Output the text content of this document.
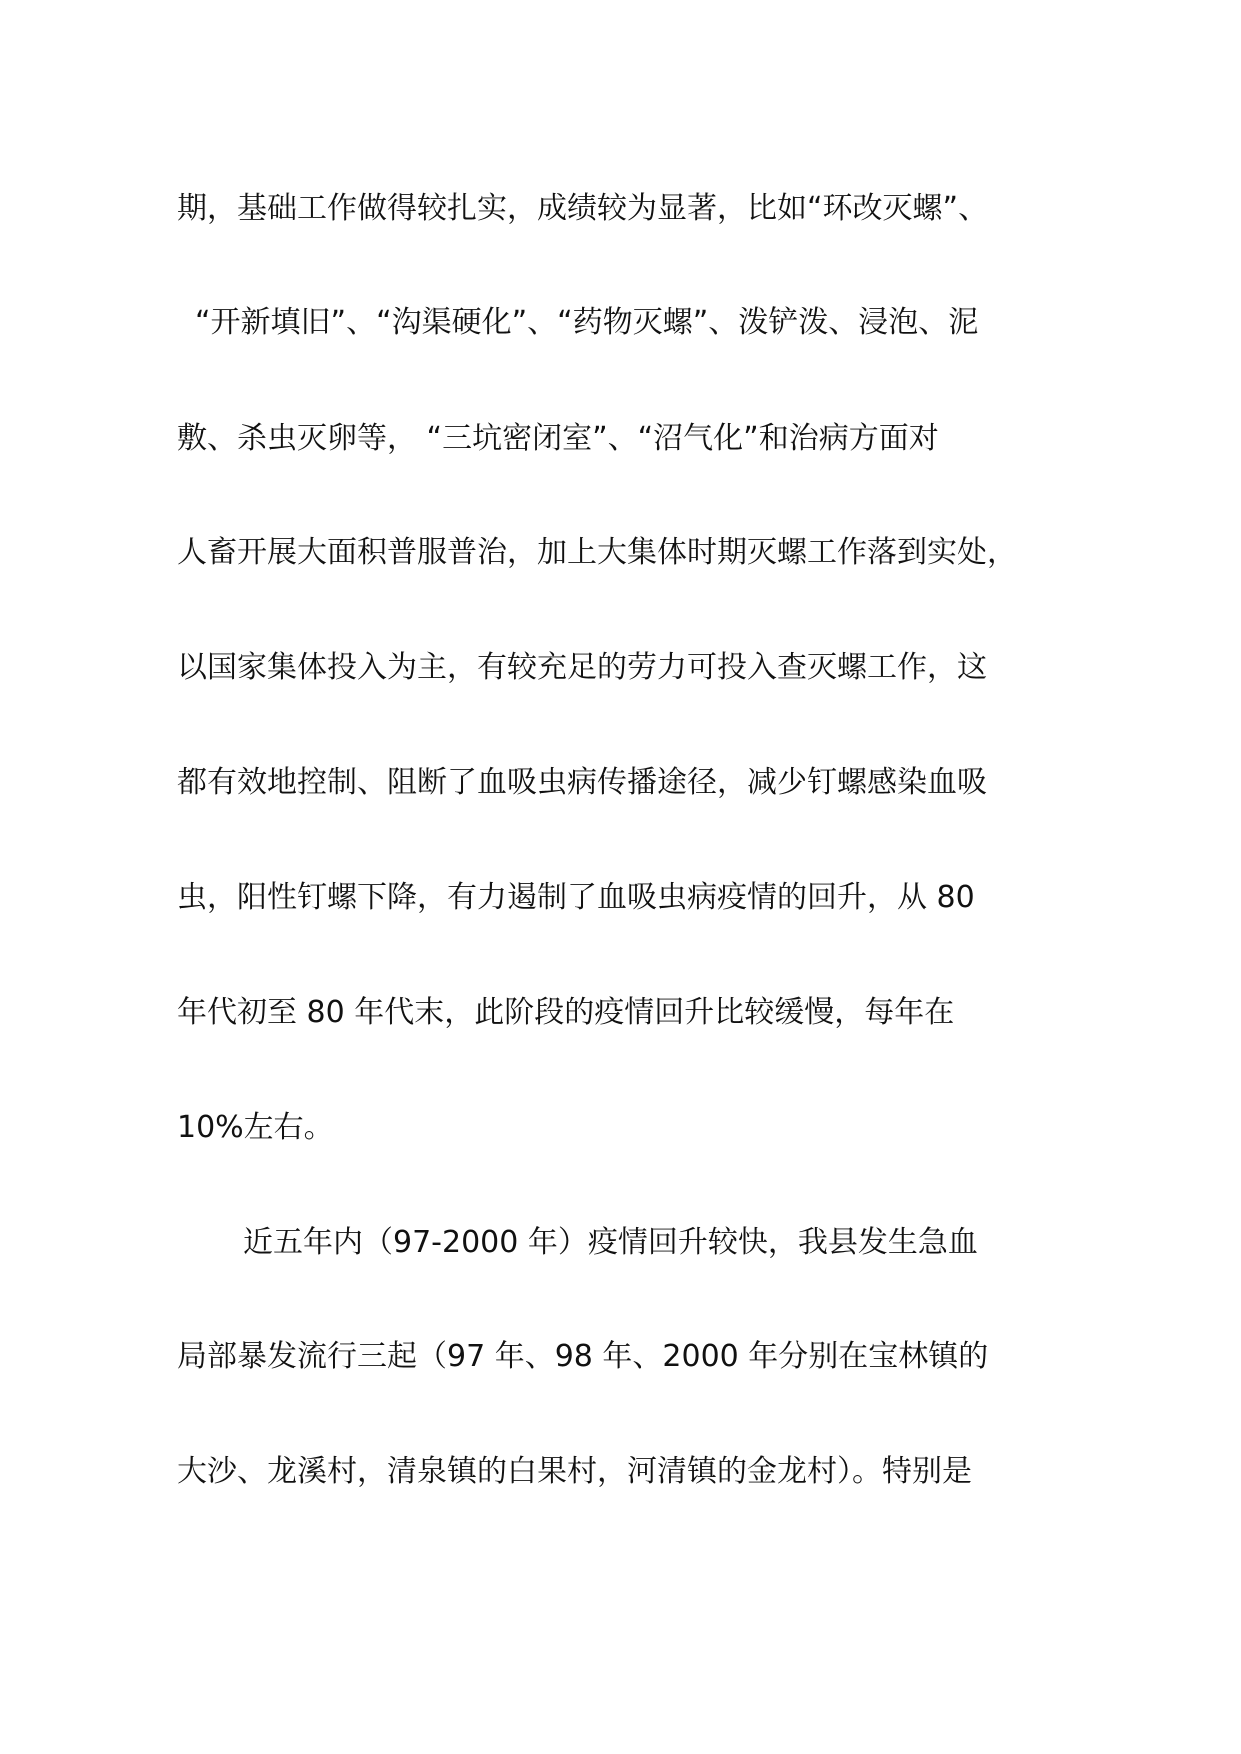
期，基础工作做得较扎实，成绩较为显著，比如“环改灭螺”、
“开新填旧”、“沟渠硬化”、“药物灭螺”、泼铲泼、浸泡、泥
敷、杀虫灭卵等， “三坑密闭室”、“沼气化”和治病方面对
人畜开展大面积普服普治，加上大集体时期灭螺工作落到实处，
以国家集体投入为主，有较充足的劳力可投入查灭螺工作，这
都有效地控制、阻断了血吸虫病传播途径，减少钉螺感染血吸
虫，阳性钉螺下降，有力遏制了血吸虫病疫情的回升，从 80
年代初至 80 年代末，此阶段的疫情回升比较缓慢，每年在
10%左右。
近五年内（97-2000 年）疫情回升较快，我县发生急血
局部暴发流行三起（97 年、98 年、2000 年分别在宝林镇的
大沙、龙溪村，清泉镇的白果村，河清镇的金龙村）。特别是
